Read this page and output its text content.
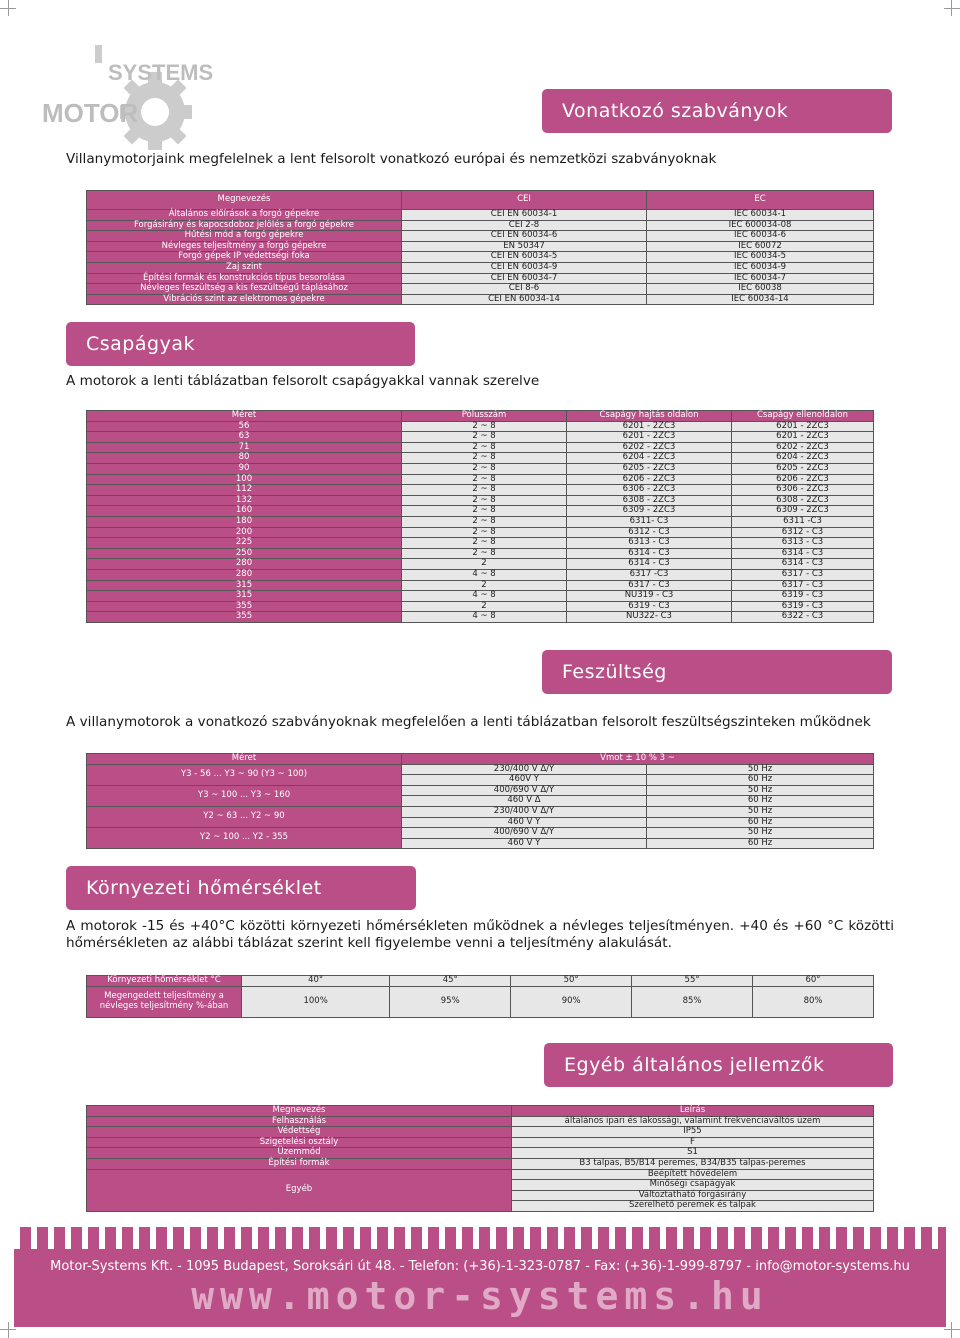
SYSTEMS
MOTOR	Vonatkozó szabványok
Villanymotorjaink megfelelnek a lent felsorolt vonatkozó európai és nemzetközi szabványoknak
Megnevezés	CEI	EC
Általános előírások a forgó gépekre	CEI EN 60034-1	IEC 60034-1
Forgásirány és kapocsdoboz jelölés a forgó gépekre	CEI 2-8	IEC 600034-08
Hűtési mód a forgó gépekre	CEI EN 60034-6	IEC 60034-6
Névleges teljesítmény a forgó gépekre	EN 50347	IEC 60072
Forgó gépek IP védettségi foka	CEI EN 60034-5	IEC 60034-5
Zaj szint	CEI EN 60034-9	IEC 60034-9
Építési formák és konstrukciós típus besorolása	CEI EN 60034-7	IEC 60034-7
Névleges feszültség a kis feszültségű táplásához	CEI 8-6	IEC 60038
Vibrációs szint az elektromos gépekre	CEI EN 60034-14	IEC 60034-14
Csapágyak
A motorok a lenti táblázatban felsorolt csapágyakkal vannak szerelve
Méret	Pólusszám	Csapágy hajtás oldalon	Csapágy ellenoldalon
56	2 ~ 8	6201 - 2ZC3	6201 - 2ZC3
63	2 ~ 8	6201 - 2ZC3	6201 - 2ZC3
71	2 ~ 8	6202 - 2ZC3	6202 - 2ZC3
80	2 ~ 8	6204 - 2ZC3	6204 - 2ZC3
90	2 ~ 8	6205 - 2ZC3	6205 - 2ZC3
100	2 ~ 8	6206 - 2ZC3	6206 - 2ZC3
112	2 ~ 8	6306 - 2ZC3	6306 - 2ZC3
132	2 ~ 8	6308 - 2ZC3	6308 - 2ZC3
160	2 ~ 8	6309 - 2ZC3	6309 - 2ZC3
180	2 ~ 8	6311- C3	6311 -C3
200	2 ~ 8	6312 - C3	6312 - C3
225	2 ~ 8	6313 - C3	6313 - C3
250	2 ~ 8	6314 - C3	6314 - C3
280	2	6314 - C3	6314 - C3
280	4 ~ 8	6317 -C3	6317 - C3
315	2	6317 - C3	6317 - C3
315	4 ~ 8	NU319 - C3	6319 - C3
355	2	6319 - C3	6319 - C3
355	4 ~ 8	NU322- C3	6322 - C3
Feszültség
A villanymotorok a vonatkozó szabványoknak megfelelően a lenti táblázatban felsorolt feszültségszinteken működnek
Méret	Vmot ± 10 % 3 ~	
Y3 - 56 ... Y3 ~ 90 (Y3 ~ 100)	230/400 V Δ/Y	50 Hz
	460V Y	60 Hz
Y3 ~ 100 ... Y3 ~ 160	400/690 V Δ/Y	50 Hz
	460 V Δ	60 Hz
Y2 ~ 63 ... Y2 ~ 90	230/400 V Δ/Y	50 Hz
	460 V Y	60 Hz
Y2 ~ 100 ... Y2 - 355	400/690 V Δ/Y	50 Hz
	460 V Y	60 Hz
Környezeti hőmérséklet
A motorok -15 és +40°C közötti környezeti hőmérsékleten működnek a névleges teljesítményen. +40 és +60 °C közötti hőmérsékleten az alábbi táblázat szerint kell figyelembe venni a teljesítmény alakulását.
Környezeti hőmérséklet °C	40°	45°	50°	55°	60°
Megengedett teljesítmény a névleges teljesítmény %-ában	100%	95%	90%	85%	80%
Egyéb általános jellemzők
Megnevezés	Leírás
Felhasználás	általános ipari és lakossági, valamint frekvenciaváltós üzem
Védettség	IP55
Szigetelési osztály	F
Üzemmód	S1
Építési formák	B3 talpas, B5/B14 peremes, B34/B35 talpas-peremes
Egyéb	Beépített hővédelem
	Minőségi csapágyak
	Változtatható forgásirány
	Szerelhető peremek és talpak
Motor-Systems Kft. - 1095 Budapest, Soroksári út 48. - Telefon: (+36)-1-323-0787 - Fax: (+36)-1-999-8797 - info@motor-systems.hu
www.motor-systems.hu
